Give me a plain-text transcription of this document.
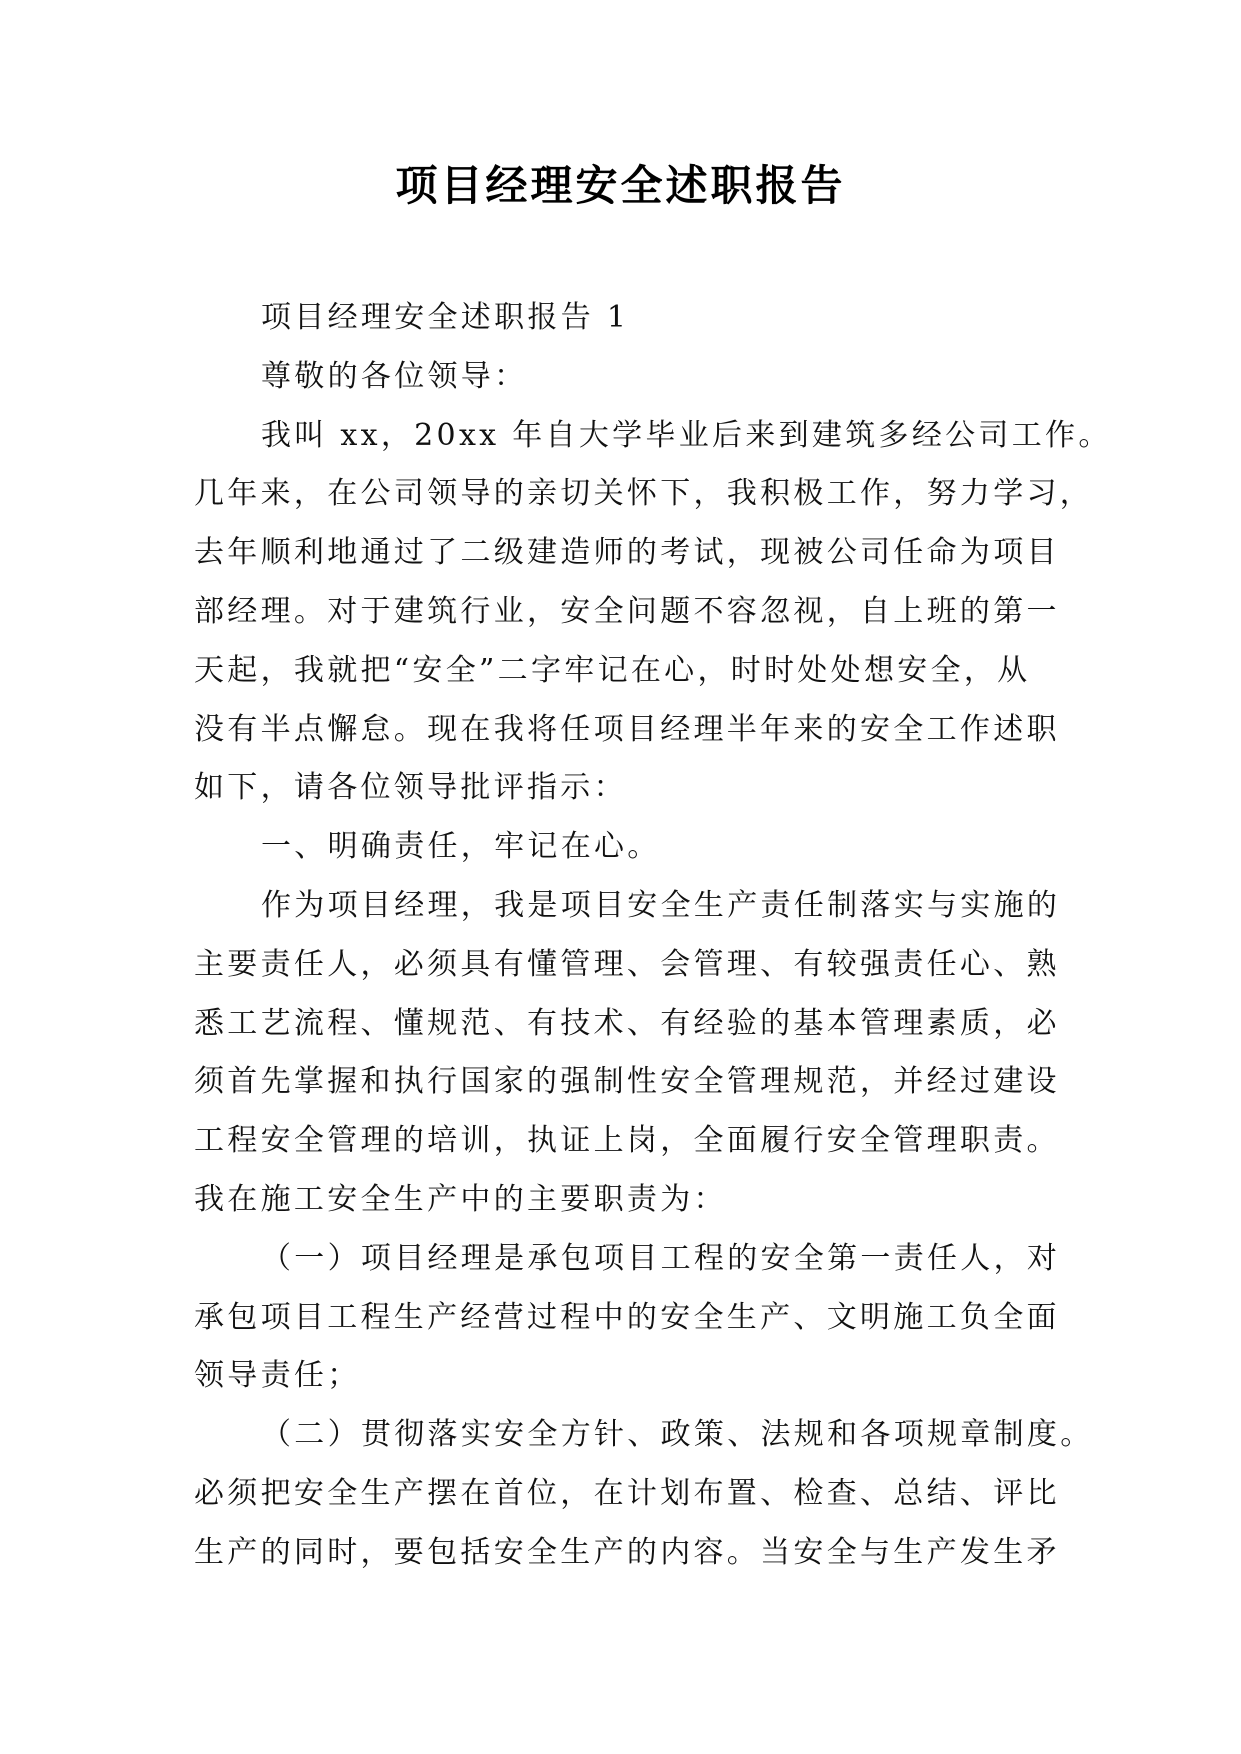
项目经理安全述职报告
项目经理安全述职报告 1
尊敬的各位领导：
我叫 xx，20xx 年自大学毕业后来到建筑多经公司工作。
几年来，在公司领导的亲切关怀下，我积极工作，努力学习，
去年顺利地通过了二级建造师的考试，现被公司任命为项目
部经理。对于建筑行业，安全问题不容忽视，自上班的第一
天起，我就把“安全”二字牢记在心，时时处处想安全，从
没有半点懈怠。现在我将任项目经理半年来的安全工作述职
如下，请各位领导批评指示：
一、明确责任，牢记在心。
作为项目经理，我是项目安全生产责任制落实与实施的
主要责任人，必须具有懂管理、会管理、有较强责任心、熟
悉工艺流程、懂规范、有技术、有经验的基本管理素质，必
须首先掌握和执行国家的强制性安全管理规范，并经过建设
工程安全管理的培训，执证上岗，全面履行安全管理职责。
我在施工安全生产中的主要职责为：
（一）项目经理是承包项目工程的安全第一责任人，对
承包项目工程生产经营过程中的安全生产、文明施工负全面
领导责任；
（二）贯彻落实安全方针、政策、法规和各项规章制度。
必须把安全生产摆在首位，在计划布置、检查、总结、评比
生产的同时，要包括安全生产的内容。当安全与生产发生矛
